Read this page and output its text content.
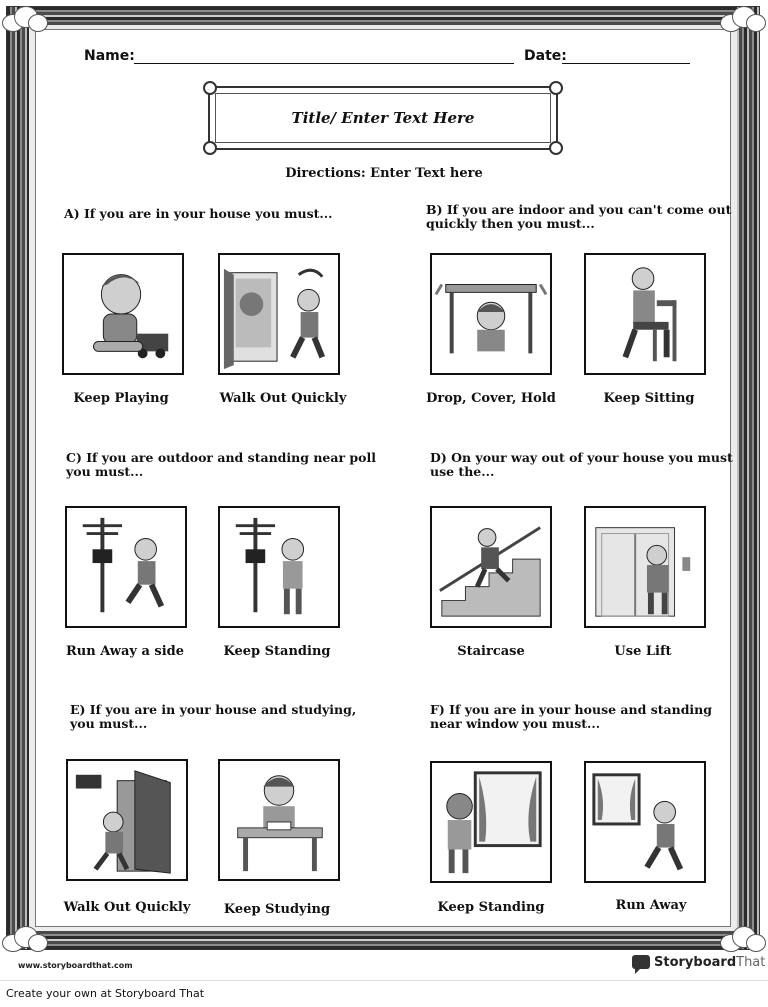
Name:	Date:
Title/ Enter Text Here
Directions: Enter Text here
A) If you are in your house you must...
Keep Playing	Walk Out Quickly
B) If you are indoor and you can't come out
quickly then you must...
Drop, Cover, Hold	Keep Sitting
C) If you are outdoor and standing near poll
you must...
Run Away a side	Keep Standing
D) On your way out of your house you must
use the...
Staircase	Use Lift
E) If you are in your house and studying,
you must...
Walk Out Quickly	Keep Studying
F) If you are in your house and standing
near window you must...
Keep Standing	Run Away
www.storyboardthat.com	Storyboard That
Create your own at Storyboard That
